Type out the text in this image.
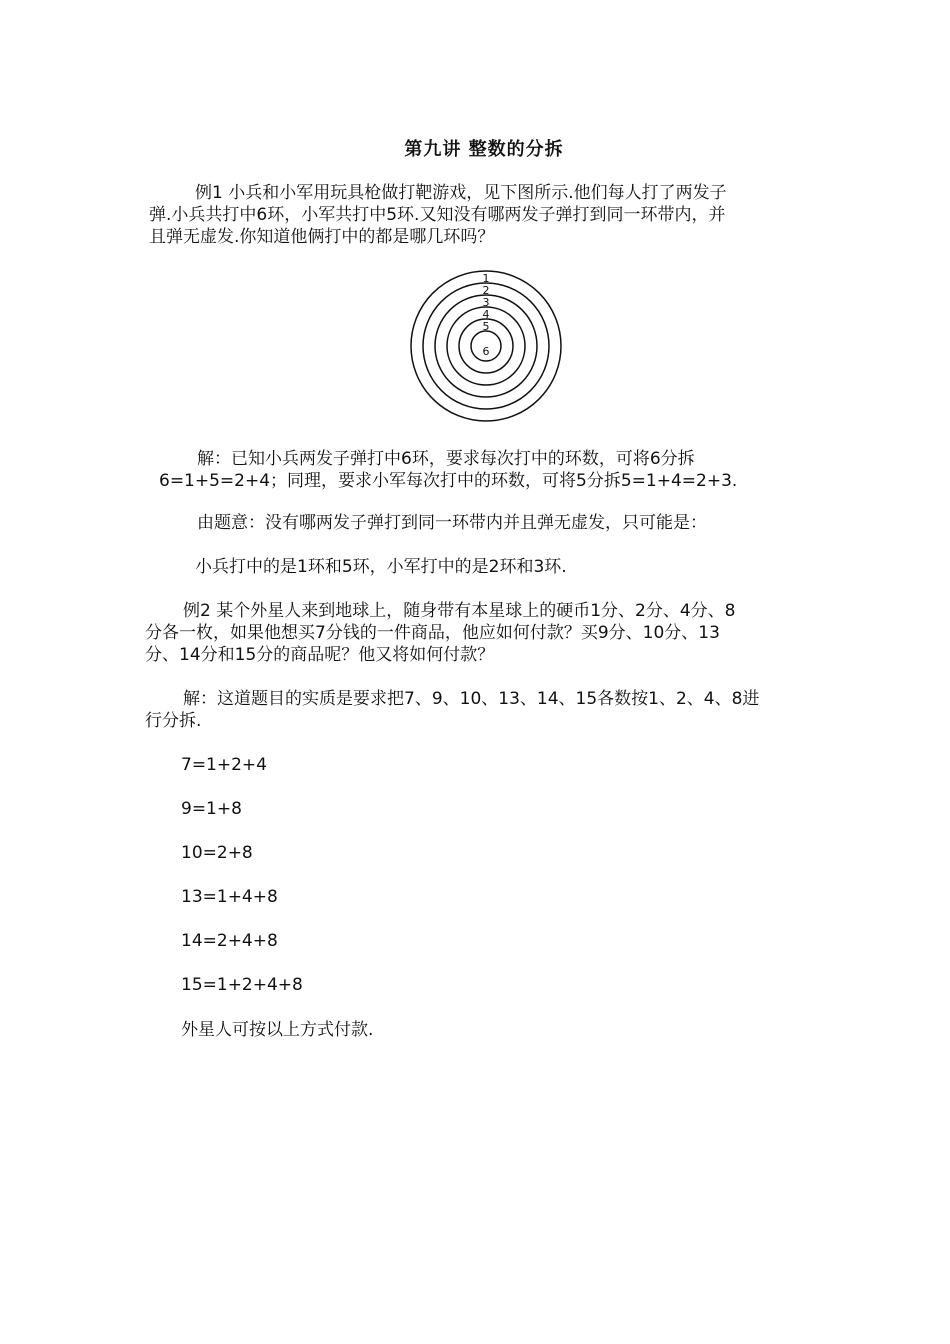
第九讲 整数的分拆
例1 小兵和小军用玩具枪做打靶游戏，见下图所示.他们每人打了两发子
弹.小兵共打中6环，小军共打中5环.又知没有哪两发子弹打到同一环带内，并
且弹无虚发.你知道他俩打中的都是哪几环吗？
1
2
3
4
5
6
解：已知小兵两发子弹打中6环，要求每次打中的环数，可将6分拆
6=1+5=2+4；同理，要求小军每次打中的环数，可将5分拆5=1+4=2+3.
由题意：没有哪两发子弹打到同一环带内并且弹无虚发，只可能是：
小兵打中的是1环和5环，小军打中的是2环和3环.
例2 某个外星人来到地球上，随身带有本星球上的硬币1分、2分、4分、8
分各一枚，如果他想买7分钱的一件商品，他应如何付款？买9分、10分、13
分、14分和15分的商品呢？他又将如何付款？
解：这道题目的实质是要求把7、9、10、13、14、15各数按1、2、4、8进
行分拆.
7=1+2+4
9=1+8
10=2+8
13=1+4+8
14=2+4+8
15=1+2+4+8
外星人可按以上方式付款.
